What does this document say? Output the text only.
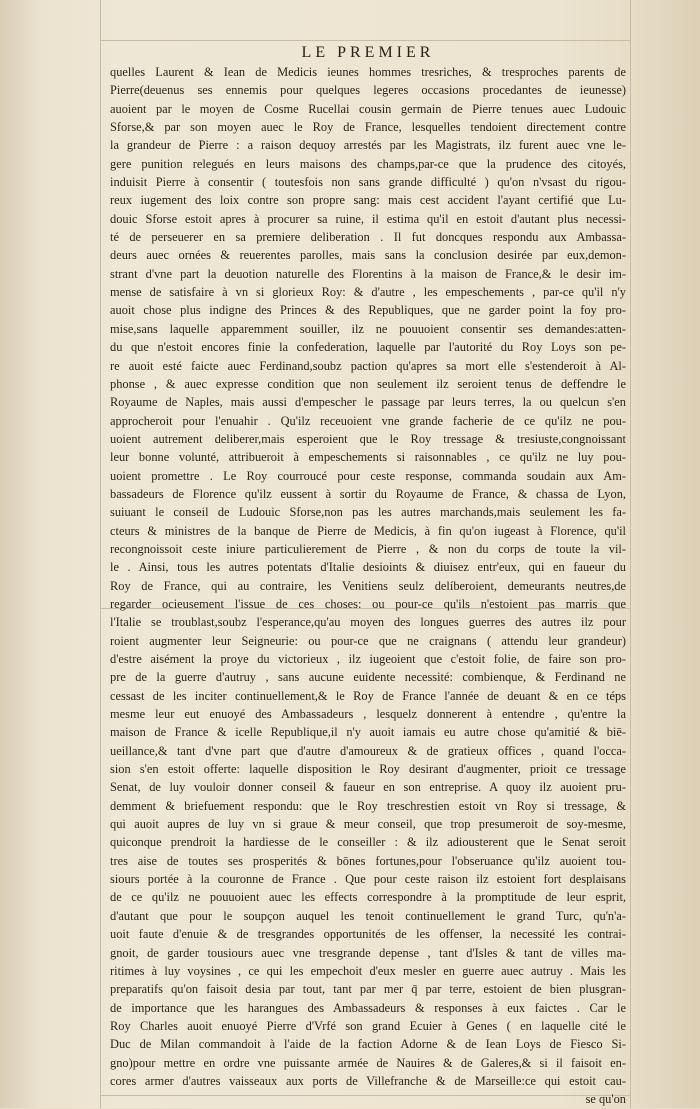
LE PREMIER
quelles Laurent & Iean de Medicis ieunes hommes tresriches, & tresproches parents de
Pierre(deuenus ses ennemis pour quelques legeres occasions procedantes de ieunesse)
auoient par le moyen de Cosme Rucellai cousin germain de Pierre tenues auec Ludouic
Sforse,& par son moyen auec le Roy de France, lesquelles tendoient directement contre
la grandeur de Pierre : a raison dequoy arrestés par les Magistrats, ilz furent auec vne le-
gere punition relegués en leurs maisons des champs,par-ce que la prudence des citoyés,
induisit Pierre à consentir ( toutesfois non sans grande difficulté ) qu'on n'vsast du rigou-
reux iugement des loix contre son propre sang: mais cest accident l'ayant certifié que Lu-
douic Sforse estoit apres à procurer sa ruine, il estima qu'il en estoit d'autant plus necessi-
té de perseuerer en sa premiere deliberation . Il fut doncques respondu aux Ambassa-
deurs auec ornées & reuerentes parolles, mais sans la conclusion desirée par eux,demon-
strant d'vne part la deuotion naturelle des Florentins à la maison de France,& le desir im-
mense de satisfaire à vn si glorieux Roy: & d'autre , les empeschements , par-ce qu'il n'y
auoit chose plus indigne des Princes & des Republiques, que ne garder point la foy pro-
mise,sans laquelle apparemment souiller, ilz ne pouuoient consentir ses demandes:atten-
du que n'estoit encores finie la confederation, laquelle par l'autorité du Roy Loys son pe-
re auoit esté faicte auec Ferdinand,soubz paction qu'apres sa mort elle s'estenderoit à Al-
phonse , & auec expresse condition que non seulement ilz seroient tenus de deffendre le
Royaume de Naples, mais aussi d'empescher le passage par leurs terres, la ou quelcun s'en
approcheroit pour l'enuahir . Qu'ilz receuoient vne grande facherie de ce qu'ilz ne pou-
uoient autrement deliberer,mais esperoient que le Roy tressage & tresiuste,congnoissant
leur bonne volunté, attribueroit à empeschements si raisonnables , ce qu'ilz ne luy pou-
uoient promettre . Le Roy courroucé pour ceste response, commanda soudain aux Am-
bassadeurs de Florence qu'ilz eussent à sortir du Royaume de France, & chassa de Lyon,
suiuant le conseil de Ludouic Sforse,non pas les autres marchands,mais seulement les fa-
cteurs & ministres de la banque de Pierre de Medicis, à fin qu'on iugeast à Florence, qu'il
recongnoissoit ceste iniure particulierement de Pierre , & non du corps de toute la vil-
le . Ainsi, tous les autres potentats d'Italie desioints & diuisez entr'eux, qui en faueur du
Roy de France, qui au contraire, les Venitiens seulz delíberoient, demeurants neutres,de
regarder ocieusement l'issue de ces choses: ou pour-ce qu'ils n'estoient pas marris que
l'Italie se troublast,soubz l'esperance,qu'au moyen des longues guerres des autres ilz pour
roient augmenter leur Seigneurie: ou pour-ce que ne craignans ( attendu leur grandeur)
d'estre aisément la proye du victorieux , ilz iugeoient que c'estoit folie, de faire son pro-
pre de la guerre d'autruy , sans aucune euidente necessité: combienque, & Ferdinand ne
cessast de les inciter continuellement,& le Roy de France l'année de deuant & en ce téps
mesme leur eut enuoyé des Ambassadeurs , lesquelz donnerent à entendre , qu'entre la
maison de France & icelle Republique,il n'y auoit iamais eu autre chose qu'amitié & biē-
ueillance,& tant d'vne part que d'autre d'amoureux & de gratieux offices , quand l'occa-
sion s'en estoit offerte: laquelle disposition le Roy desirant d'augmenter, prioit ce tressage
Senat, de luy vouloir donner conseil & faueur en son entreprise. A quoy ilz auoient pru-
demment & briefuement respondu: que le Roy treschrestien estoit vn Roy si tressage, &
qui auoit aupres de luy vn si graue & meur conseil, que trop presumeroit de soy-mesme,
quiconque prendroit la hardiesse de le conseiller : & ilz adiousterent que le Senat seroit
tres aise de toutes ses prosperités & bōnes fortunes,pour l'obseruance qu'ilz auoient tou-
siours portée à la couronne de France . Que pour ceste raison ilz estoient fort desplaisans
de ce qu'ilz ne pouuoient auec les effects correspondre à la promptitude de leur esprit,
d'autant que pour le soupçon auquel les tenoit continuellement le grand Turc, qu'n'a-
uoit faute d'enuie & de tresgrandes opportunités de les offenser, la necessité les contrai-
gnoit, de garder tousiours auec vne tresgrande depense , tant d'Isles & tant de villes ma-
ritimes à luy voysines , ce qui les empechoit d'eux mesler en guerre auec autruy . Mais les
preparatifs qu'on faisoit desia par tout, tant par mer q̄ par terre, estoient de bien plusgran-
de importance que les harangues des Ambassadeurs & responses à eux faictes . Car le
Roy Charles auoit enuoyé Pierre d'Vrfé son grand Ecuier à Genes ( en laquelle cité le
Duc de Milan commandoit à l'aide de la faction Adorne & de Iean Loys de Fiesco Si-
gno)pour mettre en ordre vne puissante armée de Nauires & de Galeres,& si il faisoit en-
cores armer d'autres vaisseaux aux ports de Villefranche & de Marseille:ce qui estoit cau-
se qu'on
